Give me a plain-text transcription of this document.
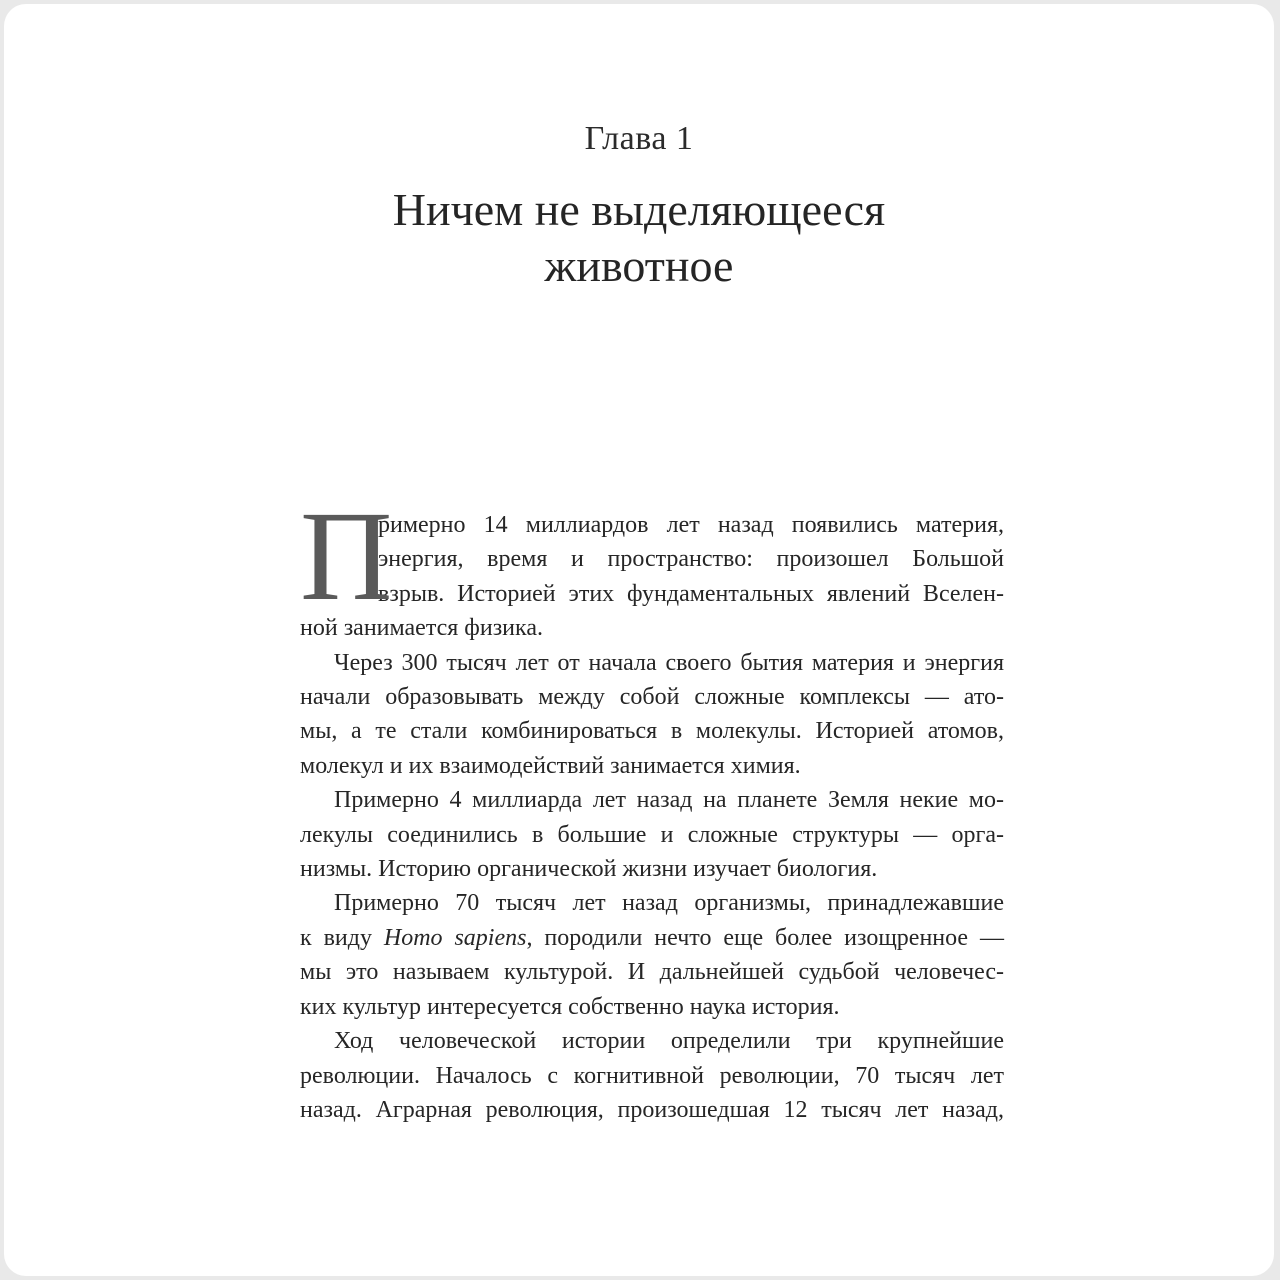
Глава 1
Ничем не выделяющееся
животное
П
римерно 14 миллиардов лет назад появились материя,
энергия, время и пространство: произошел Большой
взрыв. Историей этих фундаментальных явлений Вселен-
ной занимается физика.
Через 300 тысяч лет от начала своего бытия материя и энергия
начали образовывать между собой сложные комплексы — ато-
мы, а те стали комбинироваться в молекулы. Историей атомов,
молекул и их взаимодействий занимается химия.
Примерно 4 миллиарда лет назад на планете Земля некие мо-
лекулы соединились в большие и сложные структуры — орга-
низмы. Историю органической жизни изучает биология.
Примерно 70 тысяч лет назад организмы, принадлежавшие
к виду Homo sapiens, породили нечто еще более изощренное —
мы это называем культурой. И дальнейшей судьбой человечес-
ких культур интересуется собственно наука история.
Ход человеческой истории определили три крупнейшие
революции. Началось с когнитивной революции, 70 тысяч лет
назад. Аграрная революция, произошедшая 12 тысяч лет назад,
